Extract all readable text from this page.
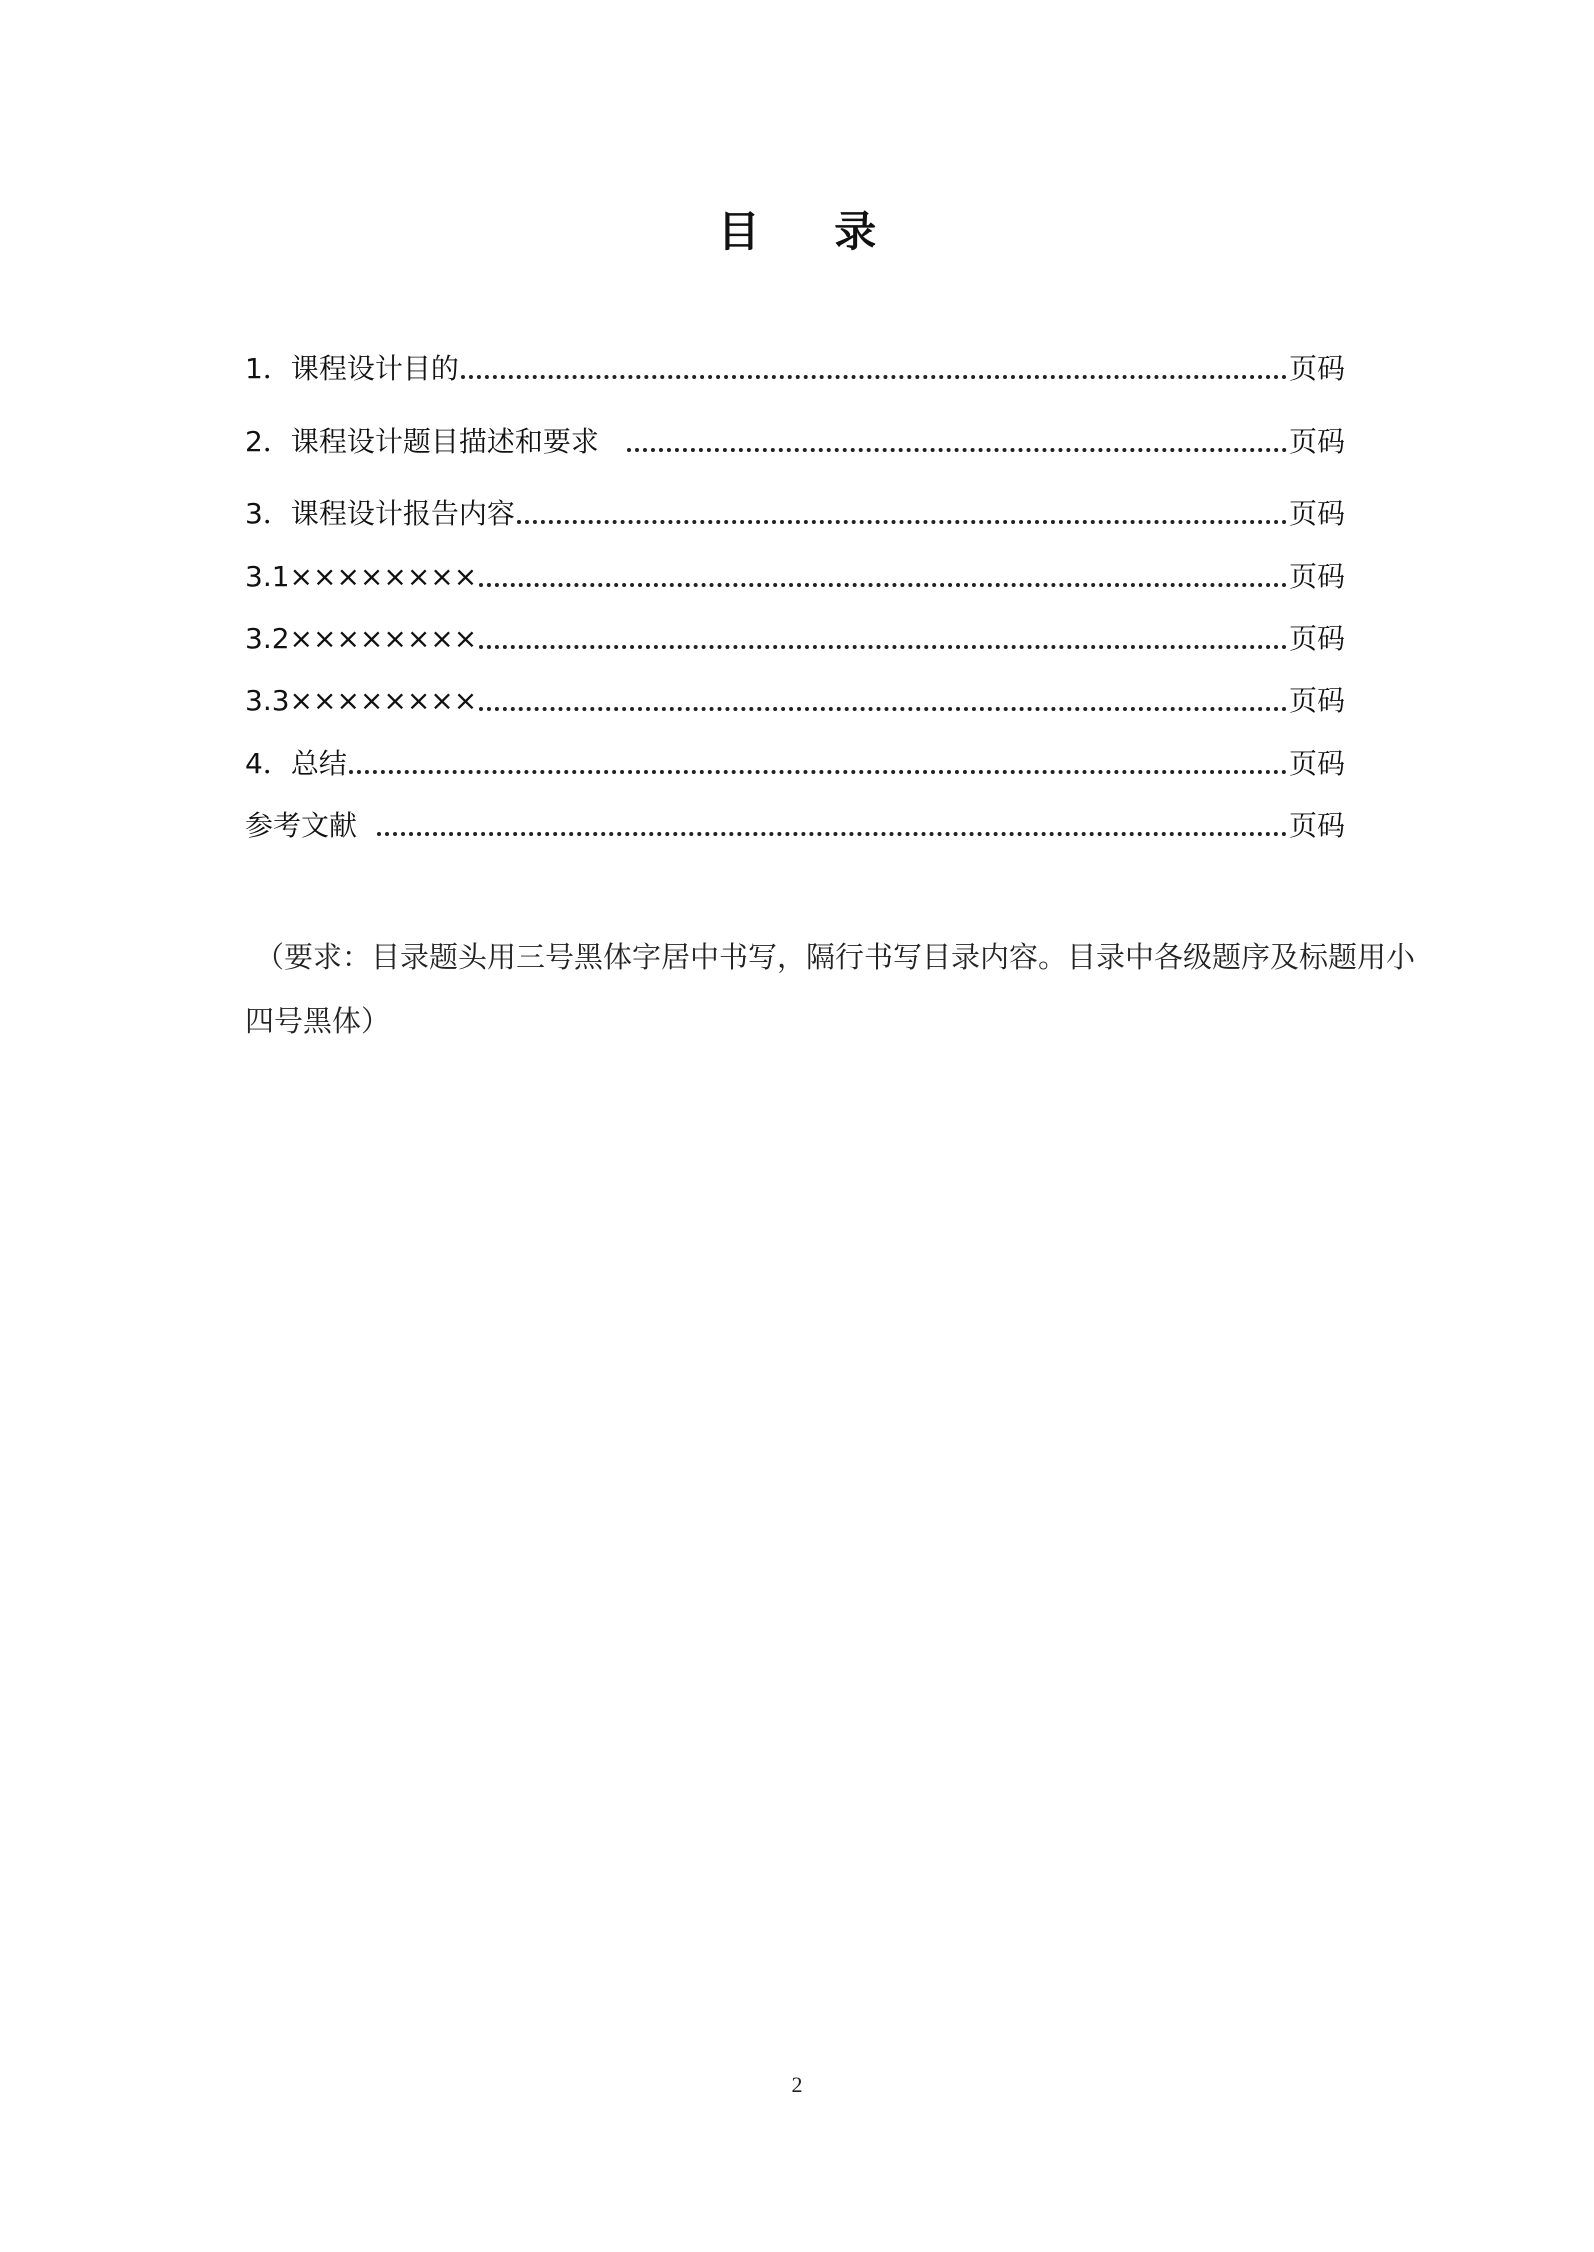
目 录
1．课程设计目的	页码
2．课程设计题目描述和要求	页码
3．课程设计报告内容	页码
3.1××××××××	页码
3.2××××××××	页码
3.3××××××××	页码
4．总结	页码
参考文献	页码
（要求：目录题头用三号黑体字居中书写，隔行书写目录内容。目录中各级题序及标题用小四号黑体）
2
